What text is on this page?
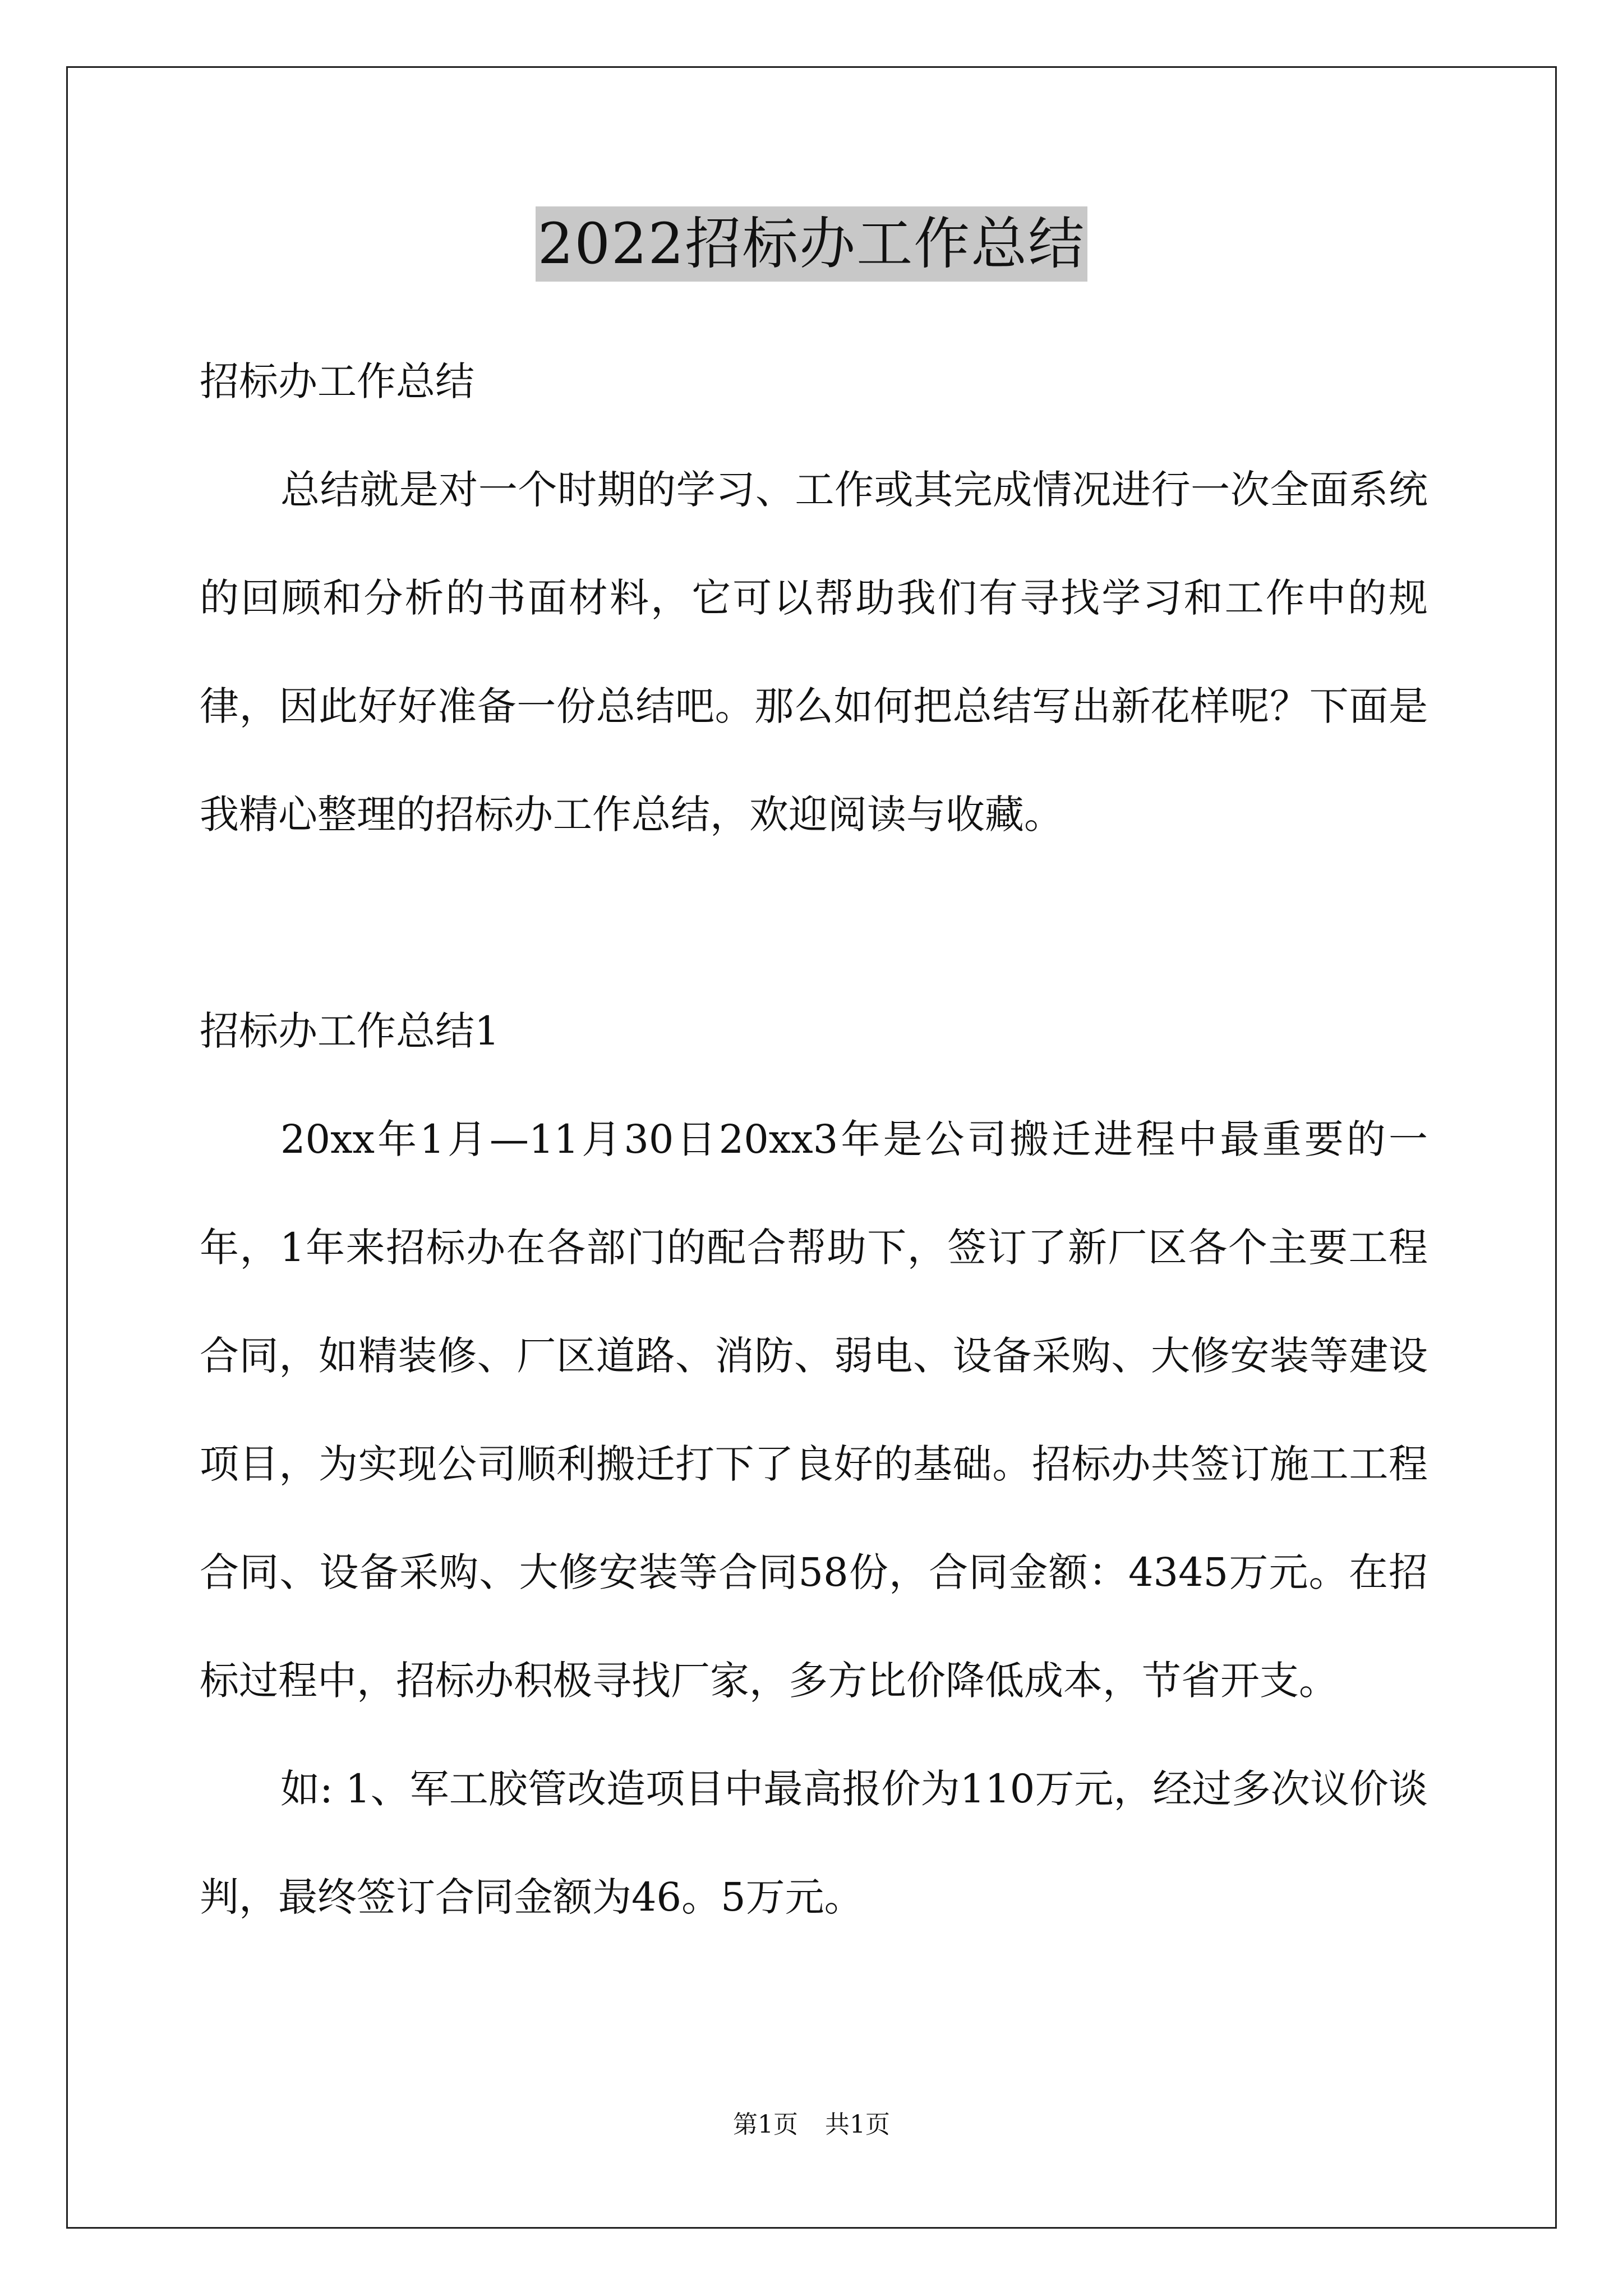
2022招标办工作总结

招标办工作总结

总结就是对一个时期的学习、工作或其完成情况进行一次全面系统的回顾和分析的书面材料，它可以帮助我们有寻找学习和工作中的规律，因此好好准备一份总结吧。那么如何把总结写出新花样呢？下面是我精心整理的招标办工作总结，欢迎阅读与收藏。

招标办工作总结1

20xx年1月—11月30日20xx3年是公司搬迁进程中最重要的一年，1年来招标办在各部门的配合帮助下，签订了新厂区各个主要工程合同，如精装修、厂区道路、消防、弱电、设备采购、大修安装等建设项目，为实现公司顺利搬迁打下了良好的基础。招标办共签订施工工程合同、设备采购、大修安装等合同58份，合同金额：4345万元。在招标过程中，招标办积极寻找厂家，多方比价降低成本，节省开支。

如: 1、军工胶管改造项目中最高报价为110万元，经过多次议价谈判，最终签订合同金额为46。5万元。

第1页 共1页
